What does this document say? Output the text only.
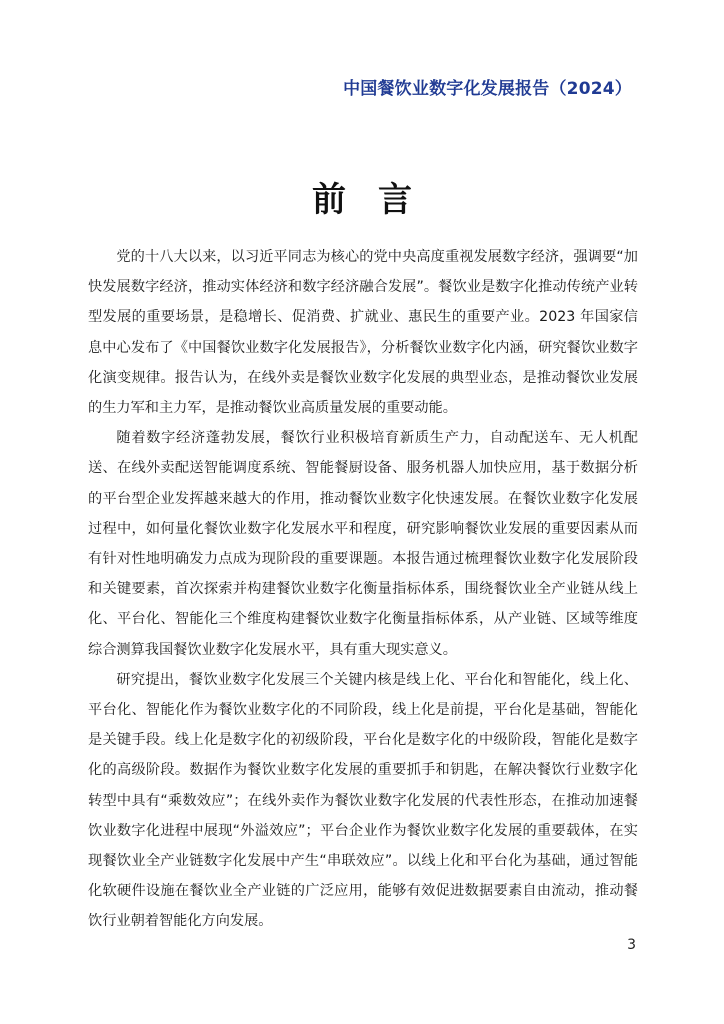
中国餐饮业数字化发展报告（2024）
前言

党的十八大以来，以习近平同志为核心的党中央高度重视发展数字经济，强调要“加快发展数字经济，推动实体经济和数字经济融合发展”。餐饮业是数字化推动传统产业转型发展的重要场景，是稳增长、促消费、扩就业、惠民生的重要产业。2023 年国家信息中心发布了《中国餐饮业数字化发展报告》，分析餐饮业数字化内涵，研究餐饮业数字化演变规律。报告认为，在线外卖是餐饮业数字化发展的典型业态，是推动餐饮业发展的生力军和主力军，是推动餐饮业高质量发展的重要动能。

随着数字经济蓬勃发展，餐饮行业积极培育新质生产力，自动配送车、无人机配送、在线外卖配送智能调度系统、智能餐厨设备、服务机器人加快应用，基于数据分析的平台型企业发挥越来越大的作用，推动餐饮业数字化快速发展。在餐饮业数字化发展过程中，如何量化餐饮业数字化发展水平和程度，研究影响餐饮业发展的重要因素从而有针对性地明确发力点成为现阶段的重要课题。本报告通过梳理餐饮业数字化发展阶段和关键要素，首次探索并构建餐饮业数字化衡量指标体系，围绕餐饮业全产业链从线上化、平台化、智能化三个维度构建餐饮业数字化衡量指标体系，从产业链、区域等维度综合测算我国餐饮业数字化发展水平，具有重大现实意义。

研究提出，餐饮业数字化发展三个关键内核是线上化、平台化和智能化，线上化、平台化、智能化作为餐饮业数字化的不同阶段，线上化是前提，平台化是基础，智能化是关键手段。线上化是数字化的初级阶段，平台化是数字化的中级阶段，智能化是数字化的高级阶段。数据作为餐饮业数字化发展的重要抓手和钥匙，在解决餐饮行业数字化转型中具有“乘数效应”；在线外卖作为餐饮业数字化发展的代表性形态，在推动加速餐饮业数字化进程中展现“外溢效应”；平台企业作为餐饮业数字化发展的重要载体，在实现餐饮业全产业链数字化发展中产生“串联效应”。以线上化和平台化为基础，通过智能化软硬件设施在餐饮业全产业链的广泛应用，能够有效促进数据要素自由流动，推动餐饮行业朝着智能化方向发展。

3
